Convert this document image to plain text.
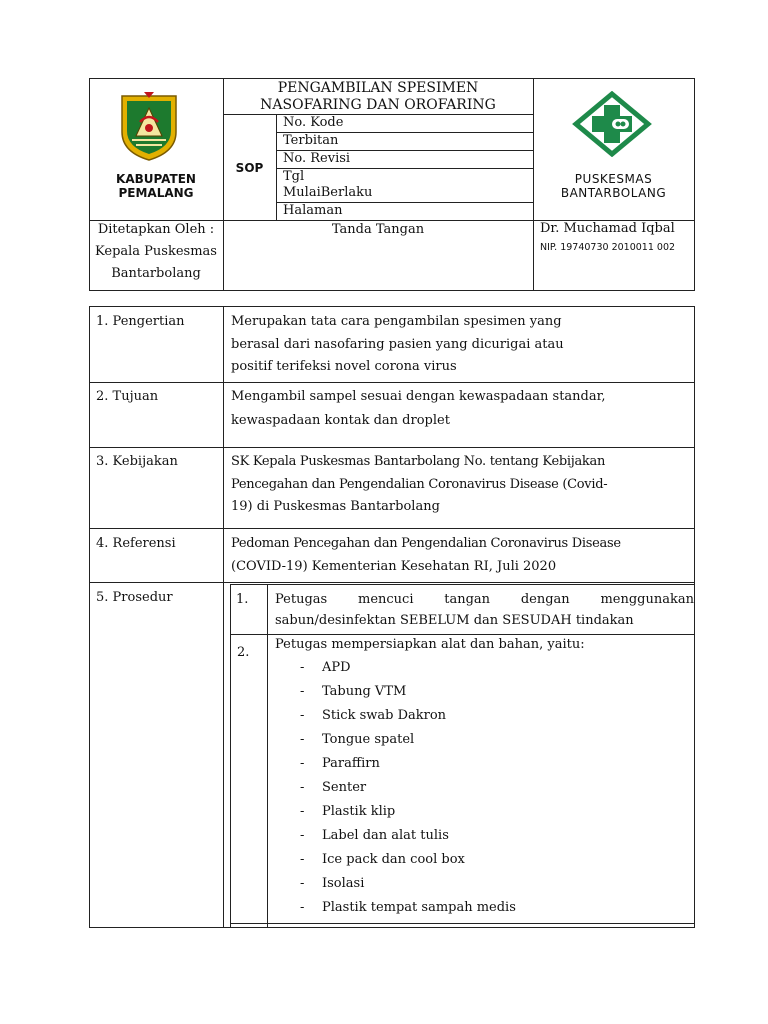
KABUPATEN
PEMALANG
PENGAMBILAN SPESIMEN
NASOFARING DAN OROFARING
SOP
No. Kode
Terbitan
No. Revisi
Tgl
MulaiBerlaku
Halaman
PUSKESMAS
BANTARBOLANG
Ditetapkan Oleh :
Kepala Puskesmas
Bantarbolang
Tanda Tangan	Dr. Muchamad Iqbal
NIP. 19740730 2010011 002
1. Pengertian
2. Tujuan
3. Kebijakan
4. Referensi
5. Prosedur
Merupakan tata cara pengambilan spesimen yang
berasal dari nasofaring pasien yang dicurigai atau
positif terifeksi novel corona virus
Mengambil sampel sesuai dengan kewaspadaan standar,
kewaspadaan kontak dan droplet
SK Kepala Puskesmas Bantarbolang No. tentang Kebijakan
Pencegahan dan Pengendalian Coronavirus Disease (Covid-
19) di Puskesmas Bantarbolang
Pedoman Pencegahan dan Pengendalian Coronavirus Disease
(COVID-19) Kementerian Kesehatan RI, Juli 2020
1. Petugas mencuci tangan dengan menggunakan
sabun/desinfektan SEBELUM dan SESUDAH tindakan
2.
Petugas mempersiapkan alat dan bahan, yaitu:
- APD
- Tabung VTM
- Stick swab Dakron
- Tongue spatel
- Paraffirn
- Senter
- Plastik klip
- Label dan alat tulis
- Ice pack dan cool box
- Isolasi
- Plastik tempat sampah medis
